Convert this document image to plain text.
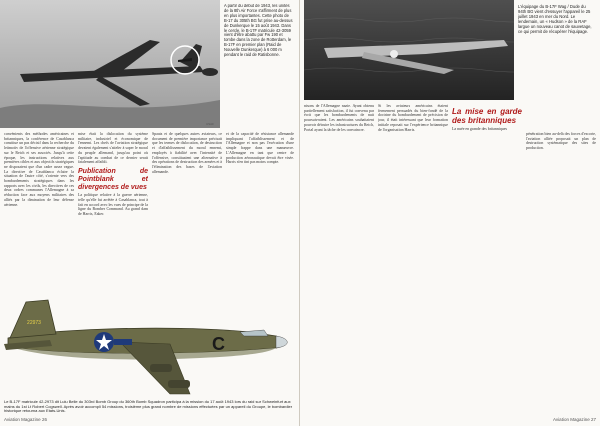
A partir du début de 1943, les unités de la 8th Air Force s'affirment de plus en plus importantes. Cette photo de B-17 du 305th BG fut prise au-dessus de Dunkerque le 15 août 1943. Dans le cercle, le B-17F matricule 42-3059 vient d'être abattu par Fw 190 et tombe dans la zone de Rotterdam, le B-17F en premier plan (Raid de Nouvelle Dunkerque) à 6 000 m pendant le raid de Ratisbonne.
USAF

convénients des méthodes américaines et britanniques, la conférence de Casablanca constitue un pas décisif dans la recherche du leitmotiv de l'offensive aérienne stratégique sur le Reich et ses associés. Jusqu'à cette époque, les instructions relatives aux premières cibles et aux objectifs stratégiques ne disposaient que d'un cadre assez vague. La directive de Casablanca éclaire la situation de l'autre côté, s'oriente vers des bombardements stratégiques dans les rapports avec les civils, les directives de ces deux ordres communes l'Allemagne à sa réduction face aux moyens militaires des alliés par la diminution de leur défense aérienne.

mise était la dislocation du système militaire, industriel et économique de l'ennemi. Les chefs de l'aviation stratégique devaient également s'atteler à saper le moral du peuple allemand, jusqu'au point où l'aptitude au combat de ce dernier serait fatalement affaibli.

Publication de Pointblank et divergences de vues

La politique relative à la guerre aérienne, telle qu'elle fut arrêtée à Casablanca, tout à fait en accord avec les vues de principe de la ligne du Bomber Command. Au grand dam de Harris, Eaker.

Spaatz et de quelques autres aviateurs, ce document de première importance précisait que les termes de dislocation, de destruction et d'affaiblissement du moral ennemi, employés à fiabilité avec l'intensité de l'offensive, constituaient une alternative à des opérations de destruction des armées et à l'élimination des bases de l'aviation allemande.

et de la capacité de résistance allemande impliquant l'affaiblissement et de l'Allemagne et non pas l'exécution d'une simple frappe dans une manœuvre. L'Allemagne en tant que centre de production aéronautique devait être visée. Harris n'en tint pas moins compte.

22973
C
Le B-17F matricule 42-2973 dit Lulu Belle du 303rd Bomb Group du 360th Bomb Squadron participa à la mission du 17 août 1943 lors du raid sur Schweinfurt aux mains du 1st Lt Robert Cogswell. Après avoir accompli 54 missions, troisième plus grand nombre de missions effectuées par un appareil du Groupe, le bombardier historique retourna aux Etats-Unis.
Aviation Magazine 26
L'équipage du B-17F Wag / Dude du 94th BG vient d'essuyer l'appareil le 25 juillet 1943 en mer du Nord. Le lendemain, un « Hudson » de la RAF largue un nouveau canot de sauvetage, ce qui permit de récupérer l'équipage.

nisons de l'Allemagne nazie. Ayant obtenu partiellement satisfaction, il fut convenu par écrit que les bombardements de nuit poursuivraient. Les américains souhaitaient pouvoir détruire les infrastructures du Reich, Portal ayant la tâche de les convaincre.

Si les aviateurs américains étaient fermement persuadés du bien-fondé de la doctrine du bombardement de précision de jour, il était intéressant que leur formation initiale reposait sur l'expérience britannique de l'organisation Harris.

La mise en garde des britanniques

La nuée en grande des britanniques

pénétration bien au-delà des forces d'escorte, l'aviation alliée proposait un plan de destruction systématique des sites de production.

Aviation Magazine 27
